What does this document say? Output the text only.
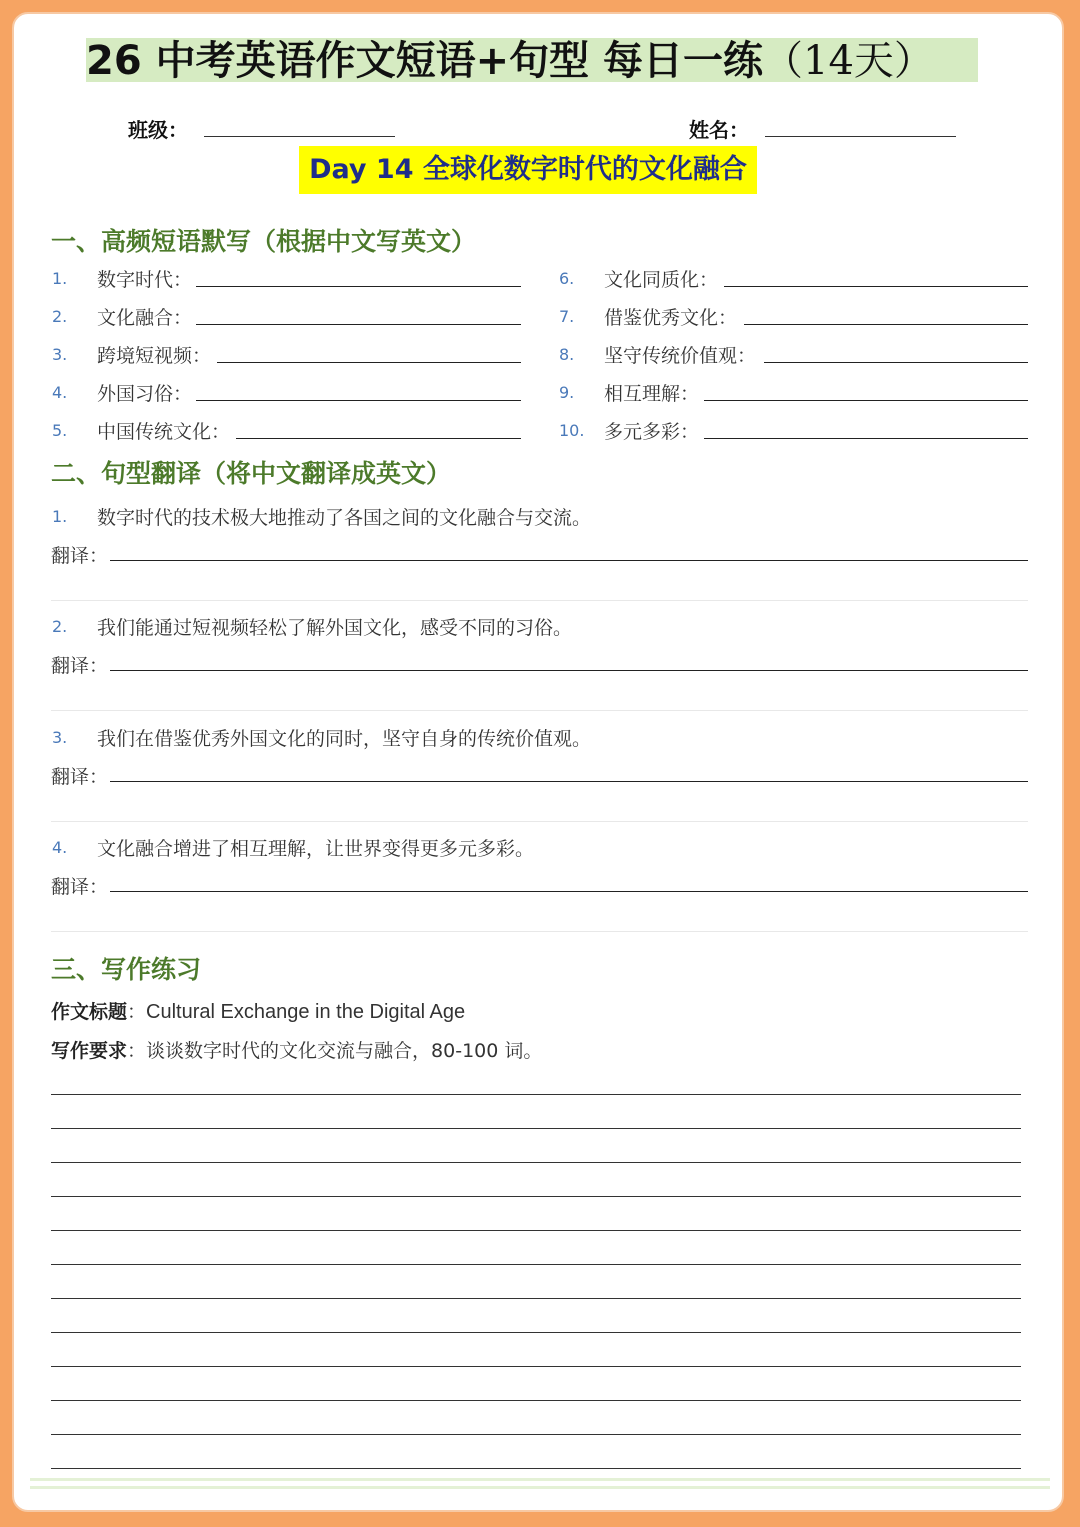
26 中考英语作文短语+句型 每日一练（14天）
班级：	姓名：
Day 14 全球化数字时代的文化融合
一、高频短语默写（根据中文写英文）
1. 数字时代：
2. 文化融合：
3. 跨境短视频：
4. 外国习俗：
5. 中国传统文化：
6. 文化同质化：
7. 借鉴优秀文化：
8. 坚守传统价值观：
9. 相互理解：
10. 多元多彩：
二、句型翻译（将中文翻译成英文）
1. 数字时代的技术极大地推动了各国之间的文化融合与交流。
翻译：
2. 我们能通过短视频轻松了解外国文化，感受不同的习俗。
翻译：
3. 我们在借鉴优秀外国文化的同时，坚守自身的传统价值观。
翻译：
4. 文化融合增进了相互理解，让世界变得更多元多彩。
翻译：
三、写作练习
作文标题：Cultural Exchange in the Digital Age
写作要求：谈谈数字时代的文化交流与融合，80-100 词。
